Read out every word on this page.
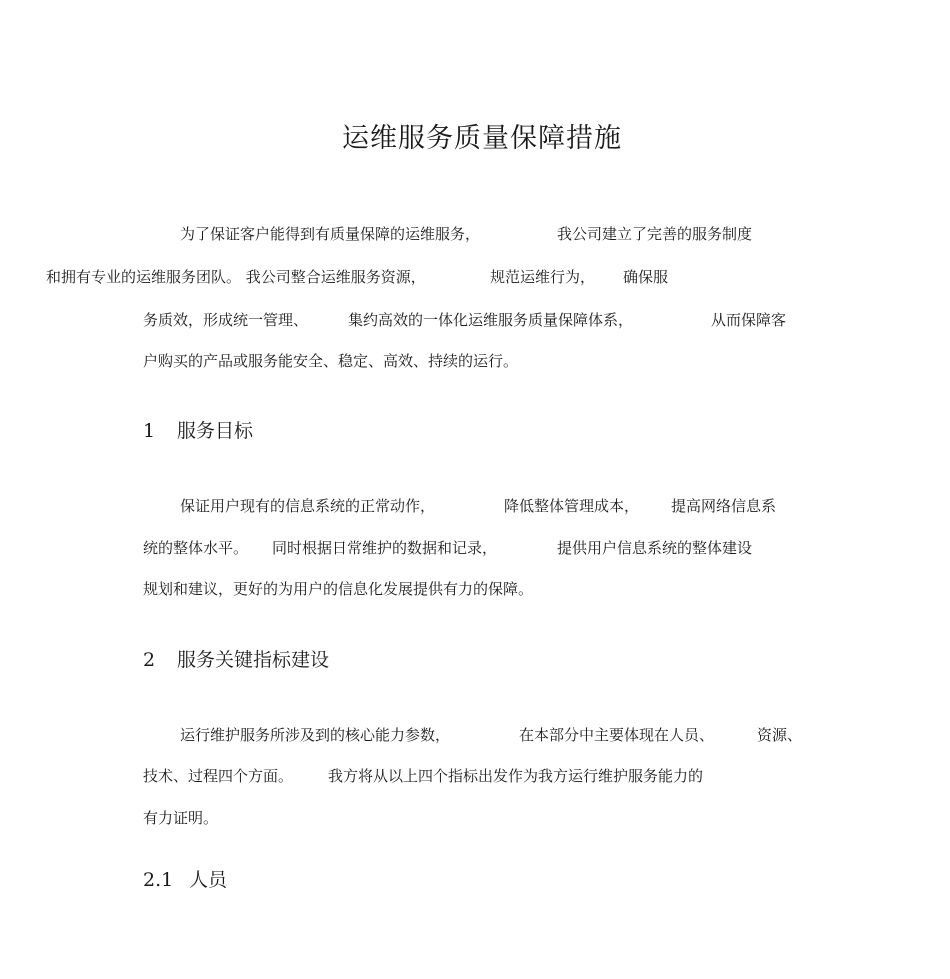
运维服务质量保障措施
为了保证客户能得到有质量保障的运维服务，	我公司建立了完善的服务制度
和拥有专业的运维服务团队。 我公司整合运维服务资源，	规范运维行为， 确保服
务质效，形成统一管理、	集约高效的一体化运维服务质量保障体系，	从而保障客
户购买的产品或服务能安全、稳定、高效、持续的运行。
1 服务目标
保证用户现有的信息系统的正常动作，	降低整体管理成本， 提高网络信息系
统的整体水平。 同时根据日常维护的数据和记录，	提供用户信息系统的整体建设
规划和建议，更好的为用户的信息化发展提供有力的保障。
2 服务关键指标建设
运行维护服务所涉及到的核心能力参数，	在本部分中主要体现在人员、	资源、
技术、过程四个方面。 我方将从以上四个指标出发作为我方运行维护服务能力的
有力证明。
2.1 人员
